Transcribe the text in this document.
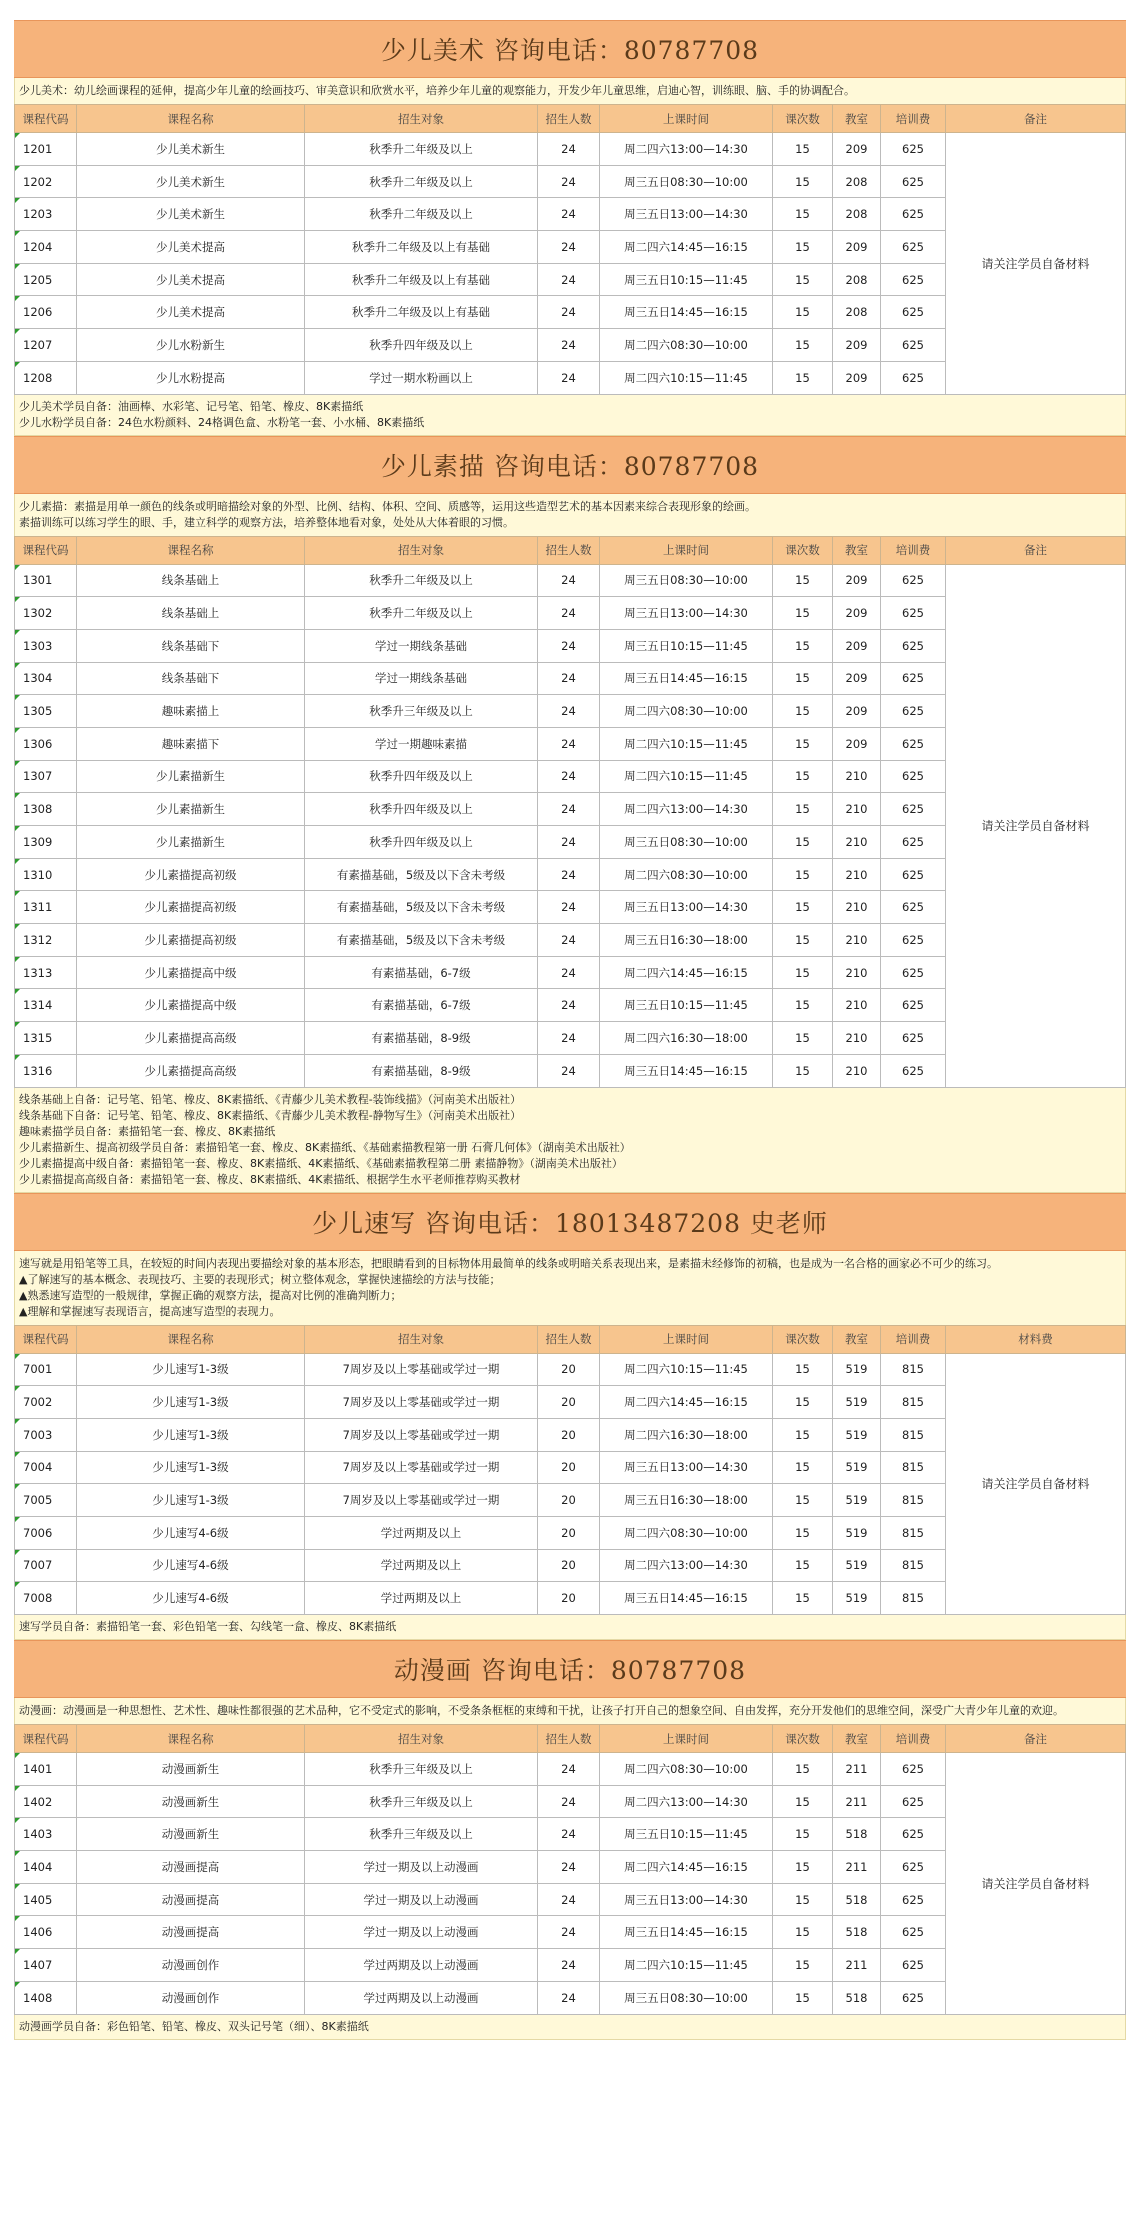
少儿美术 咨询电话：80787708
少儿美术：幼儿绘画课程的延伸，提高少年儿童的绘画技巧、审美意识和欣赏水平，培养少年儿童的观察能力，开发少年儿童思维，启迪心智，训练眼、脑、手的协调配合。
课程代码	课程名称	招生对象	招生人数	上课时间	课次数	教室	培训费	备注
1201	少儿美术新生	秋季升二年级及以上	24	周二四六13:00—14:30	15	209	625	请关注学员自备材料
1202	少儿美术新生	秋季升二年级及以上	24	周三五日08:30—10:00	15	208	625	
1203	少儿美术新生	秋季升二年级及以上	24	周三五日13:00—14:30	15	208	625	
1204	少儿美术提高	秋季升二年级及以上有基础	24	周二四六14:45—16:15	15	209	625	
1205	少儿美术提高	秋季升二年级及以上有基础	24	周三五日10:15—11:45	15	208	625	
1206	少儿美术提高	秋季升二年级及以上有基础	24	周三五日14:45—16:15	15	208	625	
1207	少儿水粉新生	秋季升四年级及以上	24	周二四六08:30—10:00	15	209	625	
1208	少儿水粉提高	学过一期水粉画以上	24	周二四六10:15—11:45	15	209	625	
少儿美术学员自备：油画棒、水彩笔、记号笔、铅笔、橡皮、8K素描纸
少儿水粉学员自备：24色水粉颜料、24格调色盒、水粉笔一套、小水桶、8K素描纸
少儿素描 咨询电话：80787708
少儿素描：素描是用单一颜色的线条或明暗描绘对象的外型、比例、结构、体积、空间、质感等，运用这些造型艺术的基本因素来综合表现形象的绘画。
素描训练可以练习学生的眼、手，建立科学的观察方法，培养整体地看对象，处处从大体着眼的习惯。
课程代码	课程名称	招生对象	招生人数	上课时间	课次数	教室	培训费	备注
1301	线条基础上	秋季升二年级及以上	24	周三五日08:30—10:00	15	209	625	请关注学员自备材料
1302	线条基础上	秋季升二年级及以上	24	周三五日13:00—14:30	15	209	625	
1303	线条基础下	学过一期线条基础	24	周三五日10:15—11:45	15	209	625	
1304	线条基础下	学过一期线条基础	24	周三五日14:45—16:15	15	209	625	
1305	趣味素描上	秋季升三年级及以上	24	周二四六08:30—10:00	15	209	625	
1306	趣味素描下	学过一期趣味素描	24	周二四六10:15—11:45	15	209	625	
1307	少儿素描新生	秋季升四年级及以上	24	周二四六10:15—11:45	15	210	625	
1308	少儿素描新生	秋季升四年级及以上	24	周二四六13:00—14:30	15	210	625	
1309	少儿素描新生	秋季升四年级及以上	24	周三五日08:30—10:00	15	210	625	
1310	少儿素描提高初级	有素描基础，5级及以下含未考级	24	周二四六08:30—10:00	15	210	625	
1311	少儿素描提高初级	有素描基础，5级及以下含未考级	24	周三五日13:00—14:30	15	210	625	
1312	少儿素描提高初级	有素描基础，5级及以下含未考级	24	周三五日16:30—18:00	15	210	625	
1313	少儿素描提高中级	有素描基础，6-7级	24	周二四六14:45—16:15	15	210	625	
1314	少儿素描提高中级	有素描基础，6-7级	24	周三五日10:15—11:45	15	210	625	
1315	少儿素描提高高级	有素描基础，8-9级	24	周二四六16:30—18:00	15	210	625	
1316	少儿素描提高高级	有素描基础，8-9级	24	周三五日14:45—16:15	15	210	625	
线条基础上自备：记号笔、铅笔、橡皮、8K素描纸、《青藤少儿美术教程-装饰线描》（河南美术出版社）
线条基础下自备：记号笔、铅笔、橡皮、8K素描纸、《青藤少儿美术教程-静物写生》（河南美术出版社）
趣味素描学员自备：素描铅笔一套、橡皮、8K素描纸
少儿素描新生、提高初级学员自备：素描铅笔一套、橡皮、8K素描纸、《基础素描教程第一册 石膏几何体》（湖南美术出版社）
少儿素描提高中级自备：素描铅笔一套、橡皮、8K素描纸、4K素描纸、《基础素描教程第二册 素描静物》（湖南美术出版社）
少儿素描提高高级自备：素描铅笔一套、橡皮、8K素描纸、4K素描纸、根据学生水平老师推荐购买教材
少儿速写 咨询电话：18013487208 史老师
速写就是用铅笔等工具，在较短的时间内表现出要描绘对象的基本形态，把眼睛看到的目标物体用最简单的线条或明暗关系表现出来，是素描未经修饰的初稿，也是成为一名合格的画家必不可少的练习。
▲了解速写的基本概念、表现技巧、主要的表现形式；树立整体观念，掌握快速描绘的方法与技能；
▲熟悉速写造型的一般规律，掌握正确的观察方法，提高对比例的准确判断力；
▲理解和掌握速写表现语言，提高速写造型的表现力。
课程代码	课程名称	招生对象	招生人数	上课时间	课次数	教室	培训费	材料费
7001	少儿速写1-3级	7周岁及以上零基础或学过一期	20	周二四六10:15—11:45	15	519	815	请关注学员自备材料
7002	少儿速写1-3级	7周岁及以上零基础或学过一期	20	周二四六14:45—16:15	15	519	815	
7003	少儿速写1-3级	7周岁及以上零基础或学过一期	20	周二四六16:30—18:00	15	519	815	
7004	少儿速写1-3级	7周岁及以上零基础或学过一期	20	周三五日13:00—14:30	15	519	815	
7005	少儿速写1-3级	7周岁及以上零基础或学过一期	20	周三五日16:30—18:00	15	519	815	
7006	少儿速写4-6级	学过两期及以上	20	周二四六08:30—10:00	15	519	815	
7007	少儿速写4-6级	学过两期及以上	20	周二四六13:00—14:30	15	519	815	
7008	少儿速写4-6级	学过两期及以上	20	周三五日14:45—16:15	15	519	815	
速写学员自备：素描铅笔一套、彩色铅笔一套、勾线笔一盒、橡皮、8K素描纸
动漫画 咨询电话：80787708
动漫画：动漫画是一种思想性、艺术性、趣味性都很强的艺术品种，它不受定式的影响，不受条条框框的束缚和干扰，让孩子打开自己的想象空间、自由发挥，充分开发他们的思维空间，深受广大青少年儿童的欢迎。
课程代码	课程名称	招生对象	招生人数	上课时间	课次数	教室	培训费	备注
1401	动漫画新生	秋季升三年级及以上	24	周二四六08:30—10:00	15	211	625	请关注学员自备材料
1402	动漫画新生	秋季升三年级及以上	24	周二四六13:00—14:30	15	211	625	
1403	动漫画新生	秋季升三年级及以上	24	周三五日10:15—11:45	15	518	625	
1404	动漫画提高	学过一期及以上动漫画	24	周二四六14:45—16:15	15	211	625	
1405	动漫画提高	学过一期及以上动漫画	24	周三五日13:00—14:30	15	518	625	
1406	动漫画提高	学过一期及以上动漫画	24	周三五日14:45—16:15	15	518	625	
1407	动漫画创作	学过两期及以上动漫画	24	周二四六10:15—11:45	15	211	625	
1408	动漫画创作	学过两期及以上动漫画	24	周三五日08:30—10:00	15	518	625	
动漫画学员自备：彩色铅笔、铅笔、橡皮、双头记号笔（细）、8K素描纸
